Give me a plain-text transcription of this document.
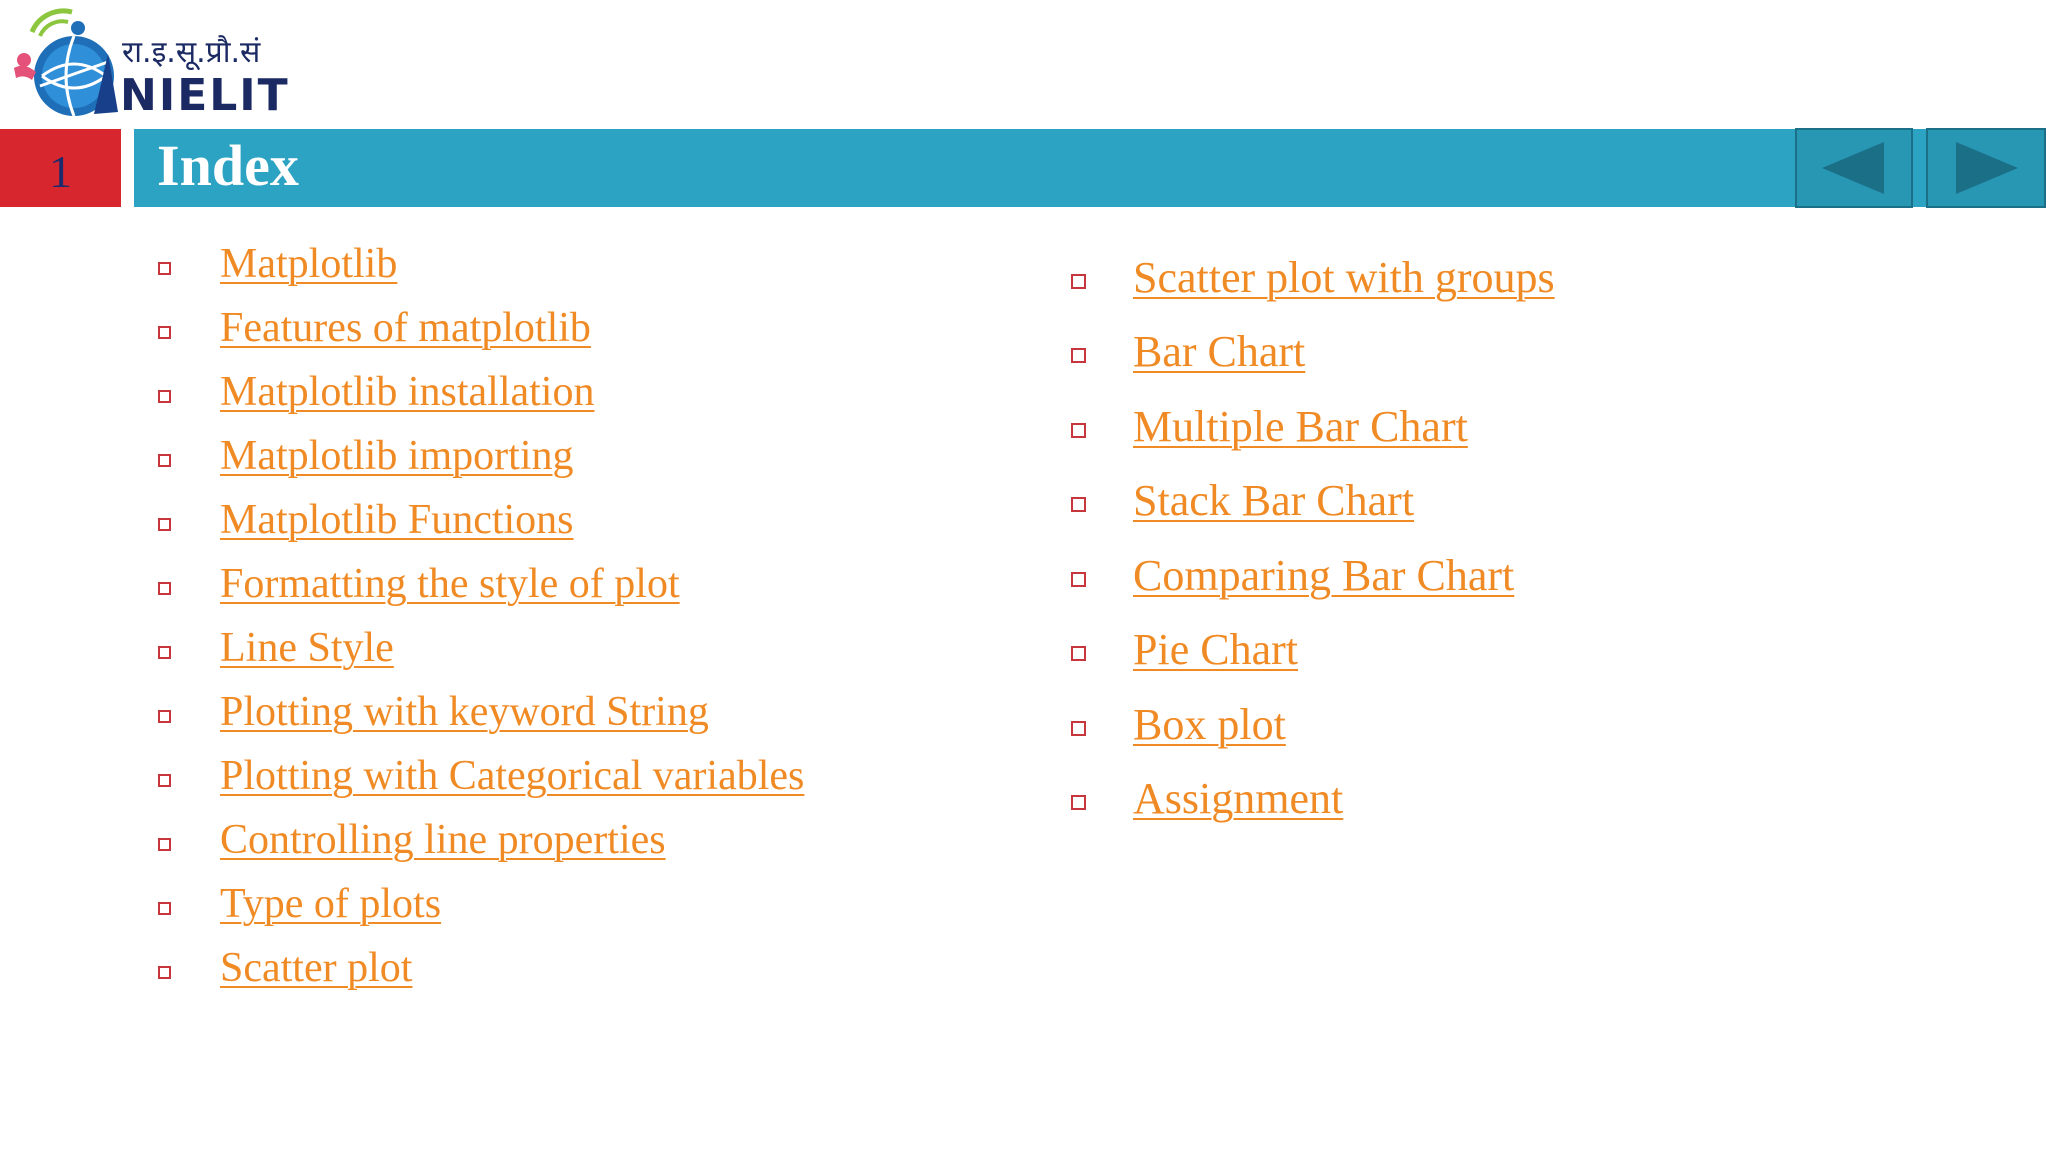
रा.इ.सू.प्रौ.सं
NIELIT
1	Index
Matplotlib
Features of matplotlib
Matplotlib installation
Matplotlib importing
Matplotlib Functions
Formatting the style of plot
Line Style
Plotting with keyword String
Plotting with Categorical variables
Controlling line properties
Type of plots
Scatter plot
Scatter plot with groups
Bar Chart
Multiple Bar Chart
Stack Bar Chart
Comparing Bar Chart
Pie Chart
Box plot
Assignment
